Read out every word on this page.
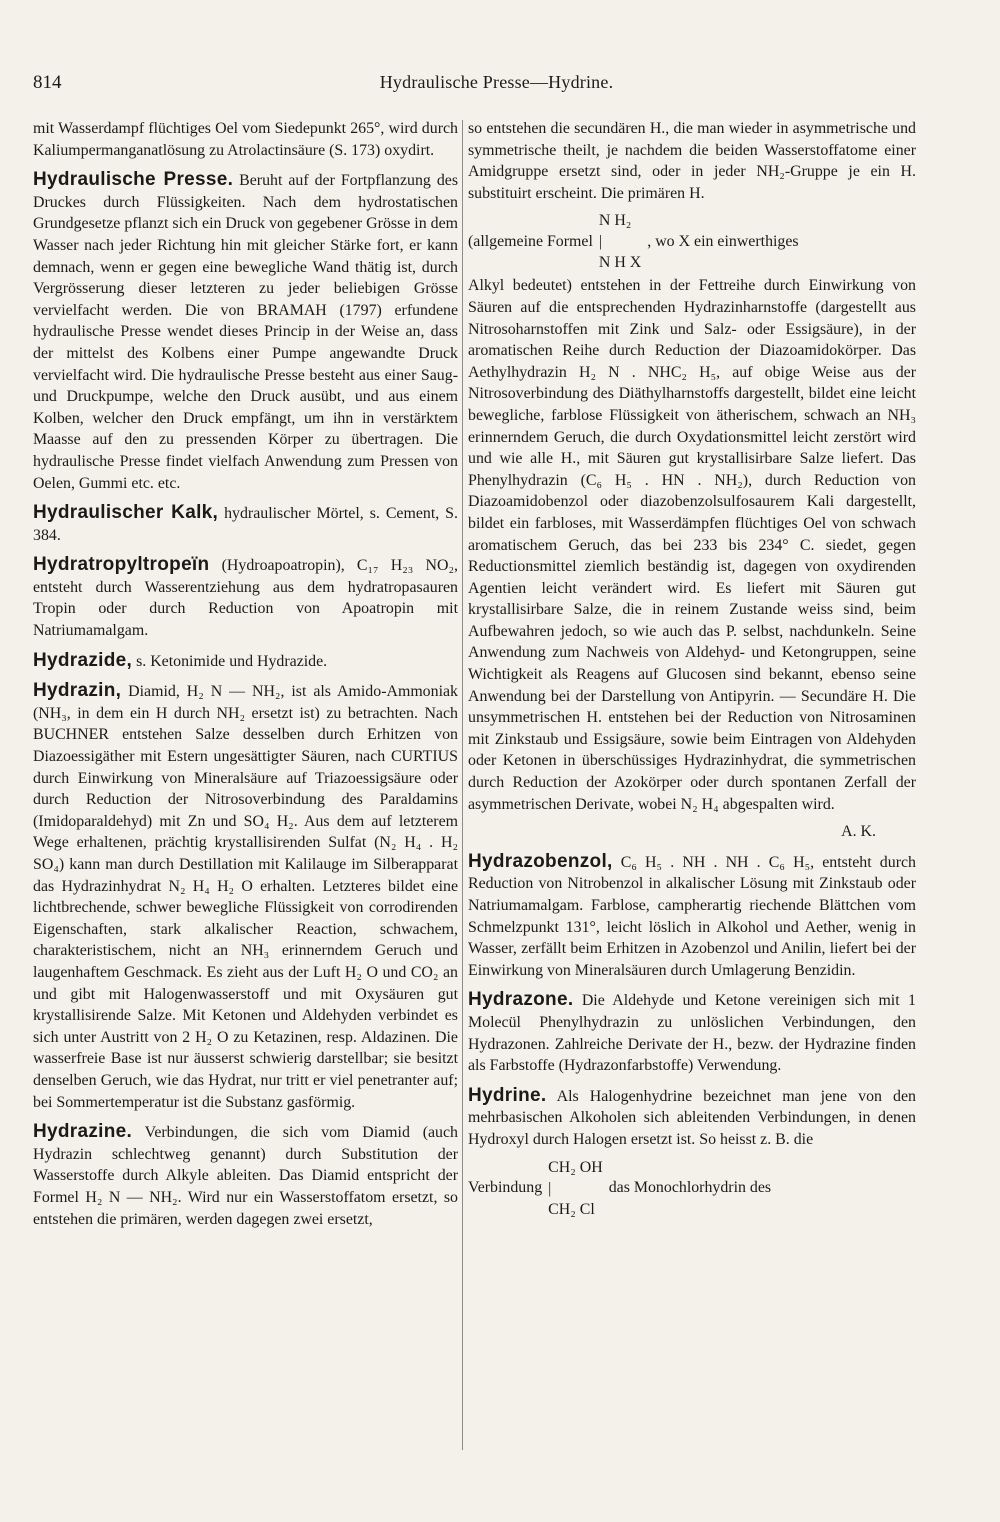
814	Hydraulische Presse—Hydrine.

mit Wasserdampf flüchtiges Oel vom Siedepunkt 265°, wird durch Kaliumpermanganatlösung zu Atrolactinsäure (S. 173) oxydirt.

Hydraulische Presse. Beruht auf der Fortpflanzung des Druckes durch Flüssigkeiten. Nach dem hydrostatischen Grundgesetze pflanzt sich ein Druck von gegebener Grösse in dem Wasser nach jeder Richtung hin mit gleicher Stärke fort, er kann demnach, wenn er gegen eine bewegliche Wand thätig ist, durch Vergrösserung dieser letzteren zu jeder beliebigen Grösse vervielfacht werden. Die von BRAMAH (1797) erfundene hydraulische Presse wendet dieses Princip in der Weise an, dass der mittelst des Kolbens einer Pumpe angewandte Druck vervielfacht wird. Die hydraulische Presse besteht aus einer Saug- und Druckpumpe, welche den Druck ausübt, und aus einem Kolben, welcher den Druck empfängt, um ihn in verstärktem Maasse auf den zu pressenden Körper zu übertragen. Die hydraulische Presse findet vielfach Anwendung zum Pressen von Oelen, Gummi etc. etc.

Hydraulischer Kalk, hydraulischer Mörtel, s. Cement, S. 384.

Hydratropyltropeïn (Hydroapoatropin), C₁₇ H₂₃ NO₂, entsteht durch Wasserentziehung aus dem hydratropasauren Tropin oder durch Reduction von Apoatropin mit Natriumamalgam.

Hydrazide, s. Ketonimide und Hydrazide.

Hydrazin, Diamid, H₂ N — NH₂, ist als Amido-Ammoniak (NH₃, in dem ein H durch NH₂ ersetzt ist) zu betrachten. Nach BUCHNER entstehen Salze desselben durch Erhitzen von Diazoessigäther mit Estern ungesättigter Säuren, nach CURTIUS durch Einwirkung von Mineralsäure auf Triazoessigsäure oder durch Reduction der Nitrosoverbindung des Paraldamins (Imidoparaldehyd) mit Zn und SO₄ H₂. Aus dem auf letzterem Wege erhaltenen, prächtig krystallisirenden Sulfat (N₂ H₄ . H₂ SO₄) kann man durch Destillation mit Kalilauge im Silberapparat das Hydrazinhydrat N₂ H₄ H₂ O erhalten. Letzteres bildet eine lichtbrechende, schwer bewegliche Flüssigkeit von corrodirenden Eigenschaften, stark alkalischer Reaction, schwachem, charakteristischem, nicht an NH₃ erinnerndem Geruch und laugenhaftem Geschmack. Es zieht aus der Luft H₂ O und CO₂ an und gibt mit Halogenwasserstoff und mit Oxysäuren gut krystallisirende Salze. Mit Ketonen und Aldehyden verbindet es sich unter Austritt von 2 H₂ O zu Ketazinen, resp. Aldazinen. Die wasserfreie Base ist nur äusserst schwierig darstellbar; sie besitzt denselben Geruch, wie das Hydrat, nur tritt er viel penetranter auf; bei Sommertemperatur ist die Substanz gasförmig.

Hydrazine. Verbindungen, die sich vom Diamid (auch Hydrazin schlechtweg genannt) durch Substitution der Wasserstoffe durch Alkyle ableiten. Das Diamid entspricht der Formel H₂ N — NH₂. Wird nur ein Wasserstoffatom ersetzt, so entstehen die primären, werden dagegen zwei ersetzt,

so entstehen die secundären H., die man wieder in asymmetrische und symmetrische theilt, je nachdem die beiden Wasserstoffatome einer Amidgruppe ersetzt sind, oder in jeder NH₂-Gruppe je ein H. substituirt erscheint. Die primären H.

(allgemeine Formel
N H₂
|
N H X
, wo X ein einwerthiges

Alkyl bedeutet) entstehen in der Fettreihe durch Einwirkung von Säuren auf die entsprechenden Hydrazinharnstoffe (dargestellt aus Nitrosoharnstoffen mit Zink und Salz- oder Essigsäure), in der aromatischen Reihe durch Reduction der Diazoamidokörper. Das Aethylhydrazin H₂ N . NHC₂ H₅, auf obige Weise aus der Nitrosoverbindung des Diäthylharnstoffs dargestellt, bildet eine leicht bewegliche, farblose Flüssigkeit von ätherischem, schwach an NH₃ erinnerndem Geruch, die durch Oxydationsmittel leicht zerstört wird und wie alle H., mit Säuren gut krystallisirbare Salze liefert. Das Phenylhydrazin (C₆ H₅ . HN . NH₂), durch Reduction von Diazoamidobenzol oder diazobenzolsulfosaurem Kali dargestellt, bildet ein farbloses, mit Wasserdämpfen flüchtiges Oel von schwach aromatischem Geruch, das bei 233 bis 234° C. siedet, gegen Reductionsmittel ziemlich beständig ist, dagegen von oxydirenden Agentien leicht verändert wird. Es liefert mit Säuren gut krystallisirbare Salze, die in reinem Zustande weiss sind, beim Aufbewahren jedoch, so wie auch das P. selbst, nachdunkeln. Seine Anwendung zum Nachweis von Aldehyd- und Ketongruppen, seine Wichtigkeit als Reagens auf Glucosen sind bekannt, ebenso seine Anwendung bei der Darstellung von Antipyrin. — Secundäre H. Die unsymmetrischen H. entstehen bei der Reduction von Nitrosaminen mit Zinkstaub und Essigsäure, sowie beim Eintragen von Aldehyden oder Ketonen in überschüssiges Hydrazinhydrat, die symmetrischen durch Reduction der Azokörper oder durch spontanen Zerfall der asymmetrischen Derivate, wobei N₂ H₄ abgespalten wird.

A. K.

Hydrazobenzol, C₆ H₅ . NH . NH . C₆ H₅, entsteht durch Reduction von Nitrobenzol in alkalischer Lösung mit Zinkstaub oder Natriumamalgam. Farblose, campherartig riechende Blättchen vom Schmelzpunkt 131°, leicht löslich in Alkohol und Aether, wenig in Wasser, zerfällt beim Erhitzen in Azobenzol und Anilin, liefert bei der Einwirkung von Mineralsäuren durch Umlagerung Benzidin.

Hydrazone. Die Aldehyde und Ketone vereinigen sich mit 1 Molecül Phenylhydrazin zu unlöslichen Verbindungen, den Hydrazonen. Zahlreiche Derivate der H., bezw. der Hydrazine finden als Farbstoffe (Hydrazonfarbstoffe) Verwendung.

Hydrine. Als Halogenhydrine bezeichnet man jene von den mehrbasischen Alkoholen sich ableitenden Verbindungen, in denen Hydroxyl durch Halogen ersetzt ist. So heisst z. B. die

Verbindung
CH₂ OH
|
CH₂ Cl
das Monochlorhydrin des
